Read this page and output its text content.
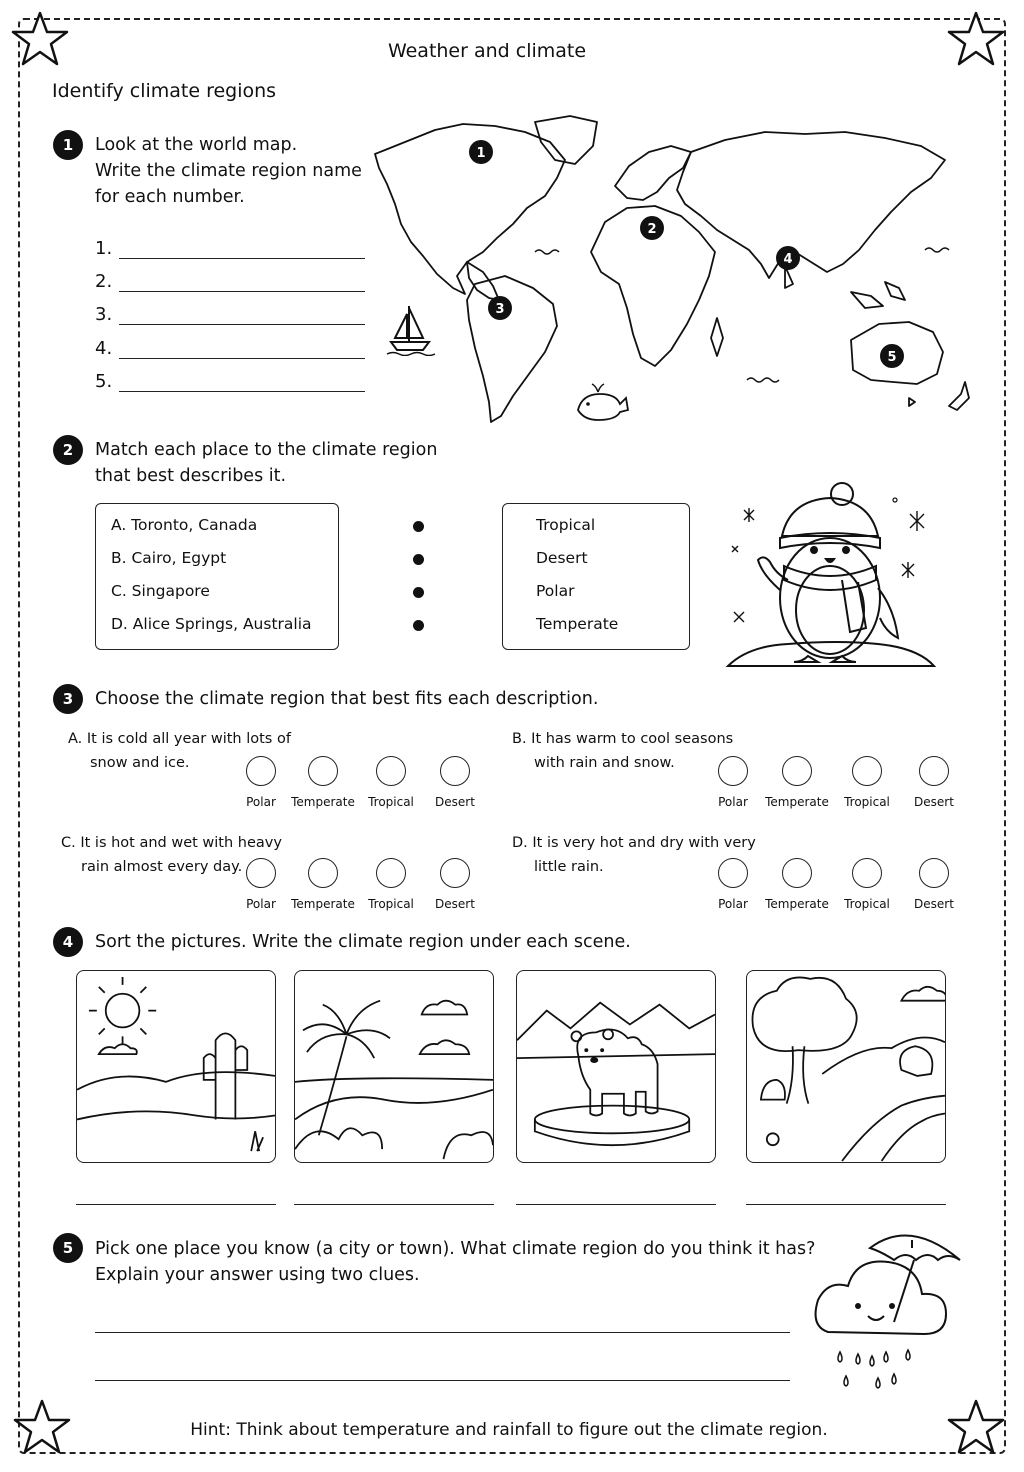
Weather and climate
Identify climate regions
1	Look at the world map.
Write the climate region name
for each number.
1.
2.
3.
4.
5.
1
2
3
4
5
2	Match each place to the climate region
that best describes it.
A. Toronto, Canada
B. Cairo, Egypt
C. Singapore
D. Alice Springs, Australia
Tropical
Desert
Polar
Temperate
3	Choose the climate region that best fits each description.
A. It is cold all year with lots of
snow and ice.
B. It has warm to cool seasons
with rain and snow.
C. It is hot and wet with heavy
rain almost every day.
D. It is very hot and dry with very
little rain.
Polar	Temperate	Tropical	Desert	Polar	Temperate	Tropical	Desert
Polar	Temperate	Tropical	Desert	Polar	Temperate	Tropical	Desert
4	Sort the pictures. Write the climate region under each scene.
5	Pick one place you know (a city or town). What climate region do you think it has?
Explain your answer using two clues.
Hint: Think about temperature and rainfall to figure out the climate region.
